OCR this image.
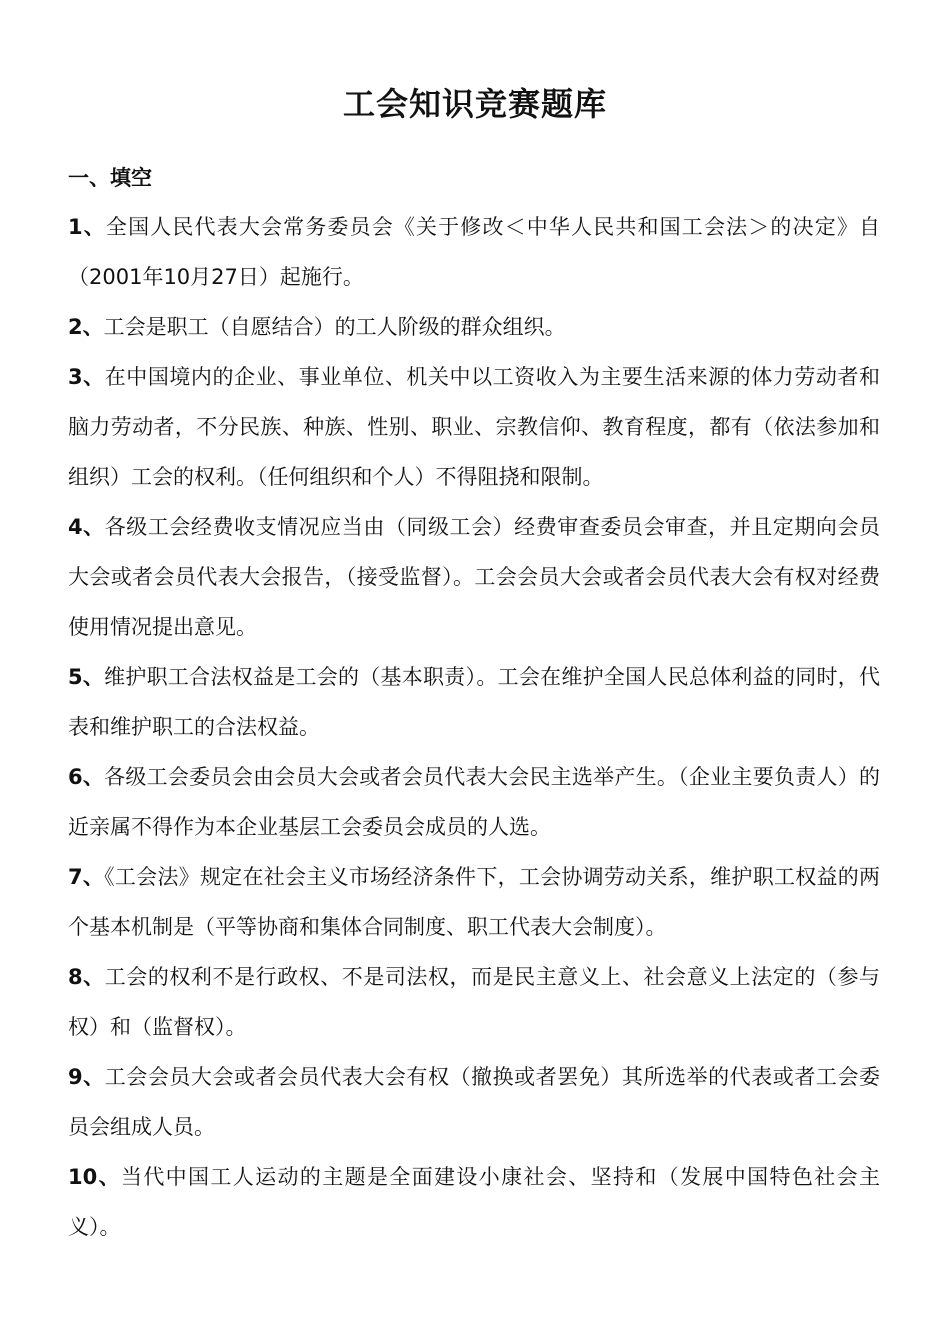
工会知识竞赛题库
一、填空
1、全国人民代表大会常务委员会《关于修改＜中华人民共和国工会法＞的决定》自（2001年10月27日）起施行。
2、工会是职工（自愿结合）的工人阶级的群众组织。
3、在中国境内的企业、事业单位、机关中以工资收入为主要生活来源的体力劳动者和脑力劳动者，不分民族、种族、性别、职业、宗教信仰、教育程度，都有（依法参加和组织）工会的权利。（任何组织和个人）不得阻挠和限制。
4、各级工会经费收支情况应当由（同级工会）经费审查委员会审查，并且定期向会员大会或者会员代表大会报告，（接受监督）。工会会员大会或者会员代表大会有权对经费使用情况提出意见。
5、维护职工合法权益是工会的（基本职责）。工会在维护全国人民总体利益的同时，代表和维护职工的合法权益。
6、各级工会委员会由会员大会或者会员代表大会民主选举产生。（企业主要负责人）的近亲属不得作为本企业基层工会委员会成员的人选。
7、《工会法》规定在社会主义市场经济条件下，工会协调劳动关系，维护职工权益的两个基本机制是（平等协商和集体合同制度、职工代表大会制度）。
8、工会的权利不是行政权、不是司法权，而是民主意义上、社会意义上法定的（参与权）和（监督权）。
9、工会会员大会或者会员代表大会有权（撤换或者罢免）其所选举的代表或者工会委员会组成人员。
10、当代中国工人运动的主题是全面建设小康社会、坚持和（发展中国特色社会主义）。
